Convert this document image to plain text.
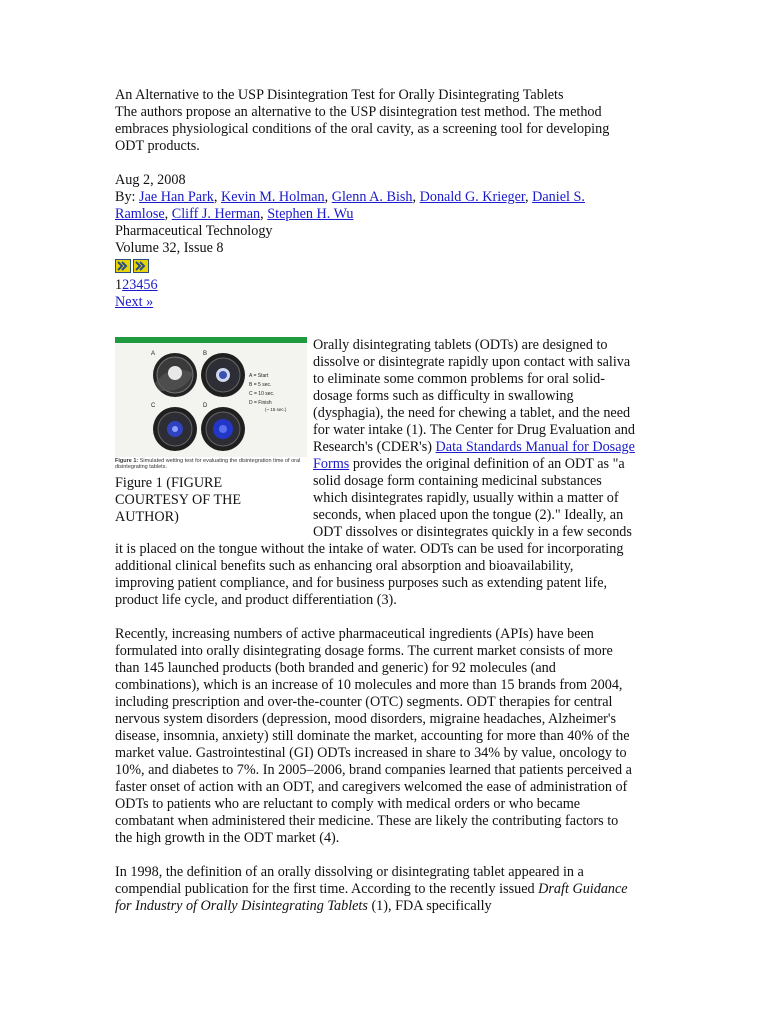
An Alternative to the USP Disintegration Test for Orally Disintegrating Tablets

The authors propose an alternative to the USP disintegration test method. The method embraces physiological conditions of the oral cavity, as a screening tool for developing ODT products.

Aug 2, 2008

By: Jae Han Park, Kevin M. Holman, Glenn A. Bish, Donald G. Krieger, Daniel S. Ramlose, Cliff J. Herman, Stephen H. Wu

Pharmaceutical Technology

Volume 32, Issue 8

123456

Next »

A	B
C	D
A = Start
B = 5 sec.
C = 10 sec.
D = Finish
(~ 15 sec.)
disintegrating tablets.

Figure 1 (FIGURE COURTESY OF THE AUTHOR)

Orally disintegrating tablets (ODTs) are designed to dissolve or disintegrate rapidly upon contact with saliva to eliminate some common problems for oral solid-dosage forms such as difficulty in swallowing (dysphagia), the need for chewing a tablet, and the need for water intake (1). The Center for Drug Evaluation and Research's (CDER's) Data Standards Manual for Dosage Forms provides the original definition of an ODT as "a solid dosage form containing medicinal substances which disintegrates rapidly, usually within a matter of seconds, when placed upon the tongue (2)." Ideally, an ODT dissolves or disintegrates quickly in a few seconds it is placed on the tongue without the intake of water. ODTs can be used for incorporating additional clinical benefits such as enhancing oral absorption and bioavailability, improving patient compliance, and for business purposes such as extending patent life, product life cycle, and product differentiation (3).

Recently, increasing numbers of active pharmaceutical ingredients (APIs) have been formulated into orally disintegrating dosage forms. The current market consists of more than 145 launched products (both branded and generic) for 92 molecules (and combinations), which is an increase of 10 molecules and more than 15 brands from 2004, including prescription and over-the-counter (OTC) segments. ODT therapies for central nervous system disorders (depression, mood disorders, migraine headaches, Alzheimer's disease, insomnia, anxiety) still dominate the market, accounting for more than 40% of the market value. Gastrointestinal (GI) ODTs increased in share to 34% by value, oncology to 10%, and diabetes to 7%. In 2005–2006, brand companies learned that patients perceived a faster onset of action with an ODT, and caregivers welcomed the ease of administration of ODTs to patients who are reluctant to comply with medical orders or who became combatant when administered their medicine. These are likely the contributing factors to the high growth in the ODT market (4).

In 1998, the definition of an orally dissolving or disintegrating tablet appeared in a compendial publication for the first time. According to the recently issued Draft Guidance for Industry of Orally Disintegrating Tablets (1), FDA specifically
